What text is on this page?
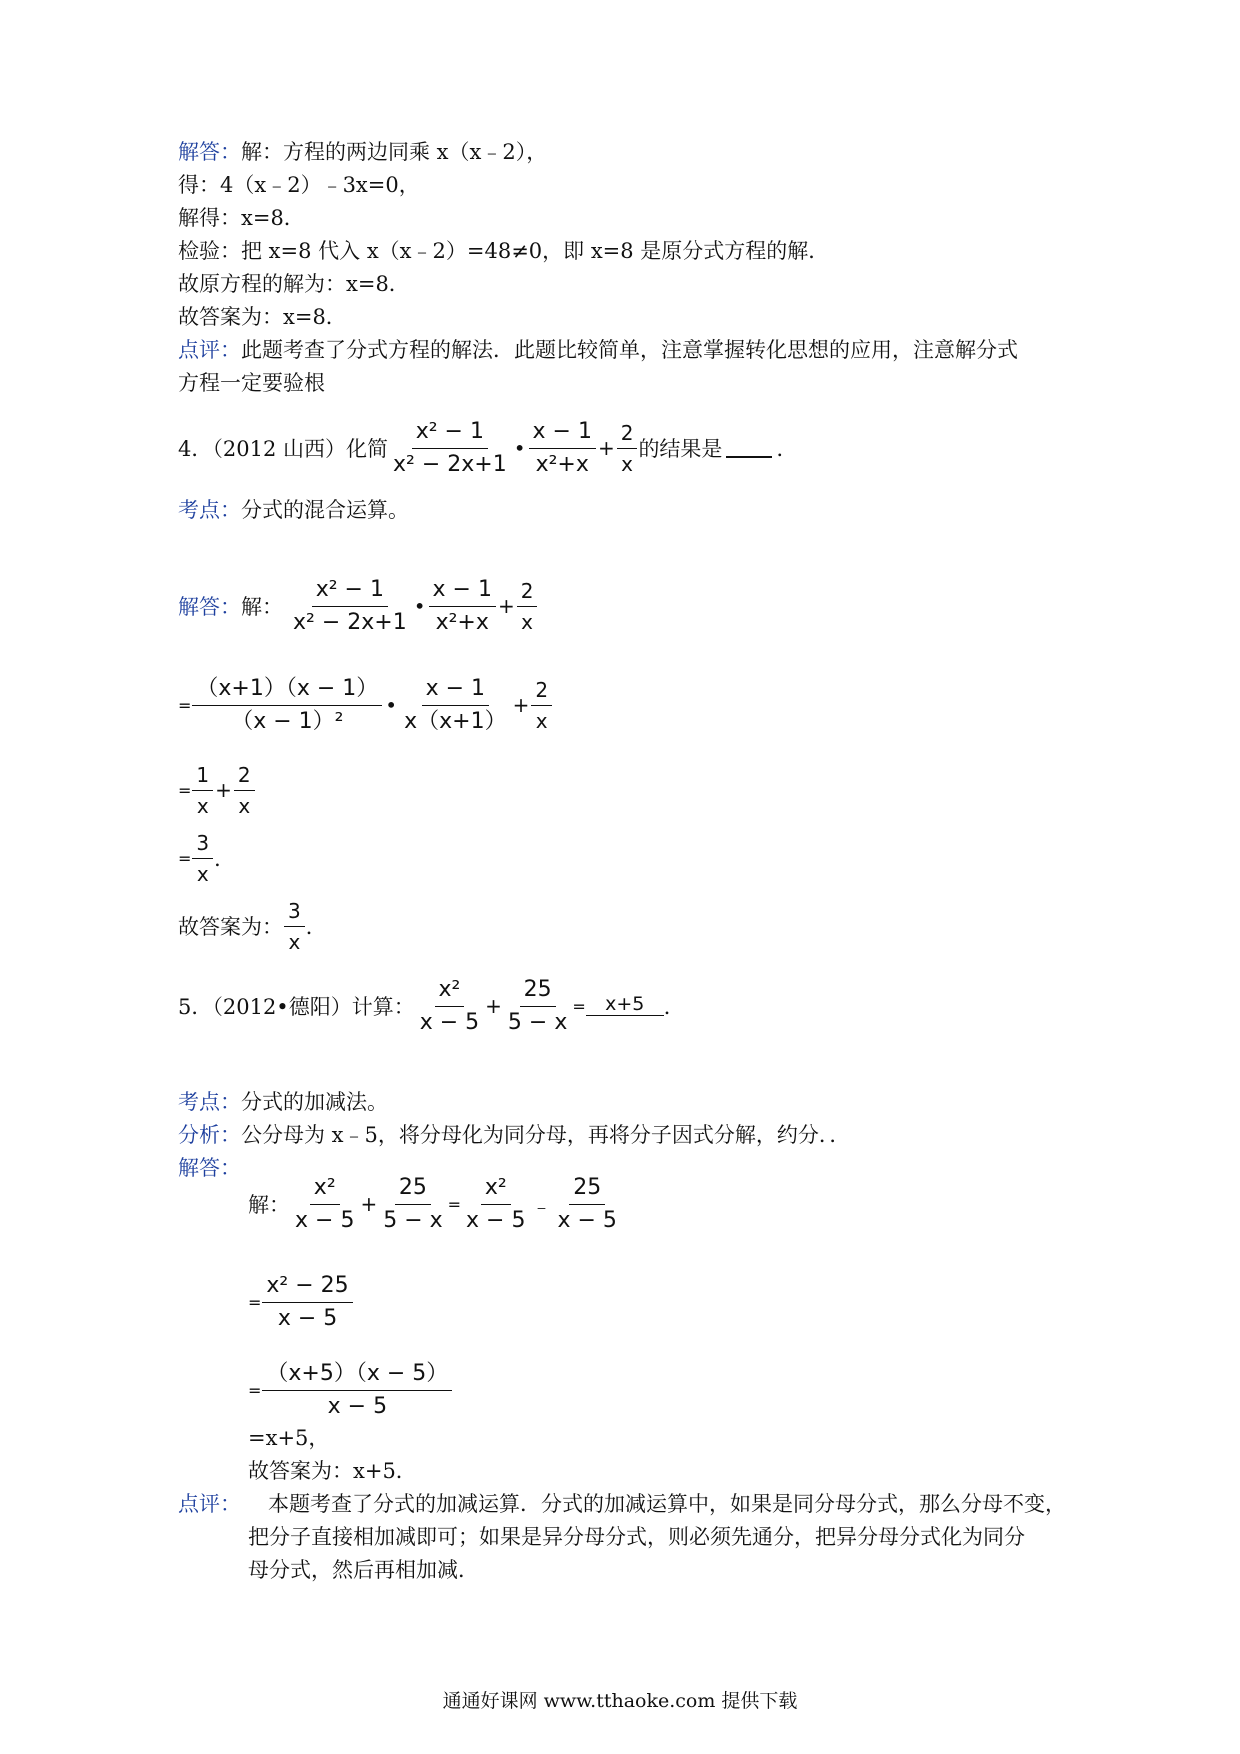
解答：解：方程的两边同乘 x（x﹣2），
得：4（x﹣2）﹣3x=0，
解得：x=8．
检验：把 x=8 代入 x（x﹣2）=48≠0，即 x=8 是原分式方程的解．
故原方程的解为：x=8．
故答案为：x=8．
点评：此题考查了分式方程的解法．此题比较简单，注意掌握转化思想的应用，注意解分式
方程一定要验根
4．（2012 山西）化简 $\frac{\text{x² − 1}}{\text{x² − 2x+1}}$ • $\frac{x - 1}{\text{x²+x}} + \frac{2}{x}$ 的结果是	．
考点：分式的混合运算。
解答： 解： $\frac{\text{x² − 1}}{\text{x² − 2x+1}}$ • $\frac{x - 1}{\text{x²+x}} + \frac{2}{x}$
= $\frac{(x+1)(x - 1)}{\text{（x − 1）²}}$ • $\frac{x - 1}{x(x+1)} + \frac{2}{x}$
= $\frac{1}{x} + \frac{2}{x}$
= $\frac{3}{x}$ ．
故答案为： $\frac{3}{x}$ ．
5．（2012•德阳）计算： $\frac{\text{x²}}{x - 5} + \frac{25}{5 - x}$ =	x+5 ．
考点：分式的加减法。
分析：公分母为 x﹣5，将分母化为同分母，再将分子因式分解，约分．．
解答：
解： $\frac{\text{x²}}{x - 5} + \frac{25}{5 - x} = \frac{\text{x²}}{x - 5}$ ﹣ $\frac{25}{x - 5}$
= $\frac{\text{x² − 25}}{x - 5}$
= $\frac{(x+5)(x - 5)}{x - 5}$
=x+5，
故答案为：x+5．
点评： 本题考查了分式的加减运算．分式的加减运算中，如果是同分母分式，那么分母不变，
把分子直接相加减即可；如果是异分母分式，则必须先通分，把异分母分式化为同分
母分式，然后再相加减．
通通好课网 www.tthaoke.com 提供下载
